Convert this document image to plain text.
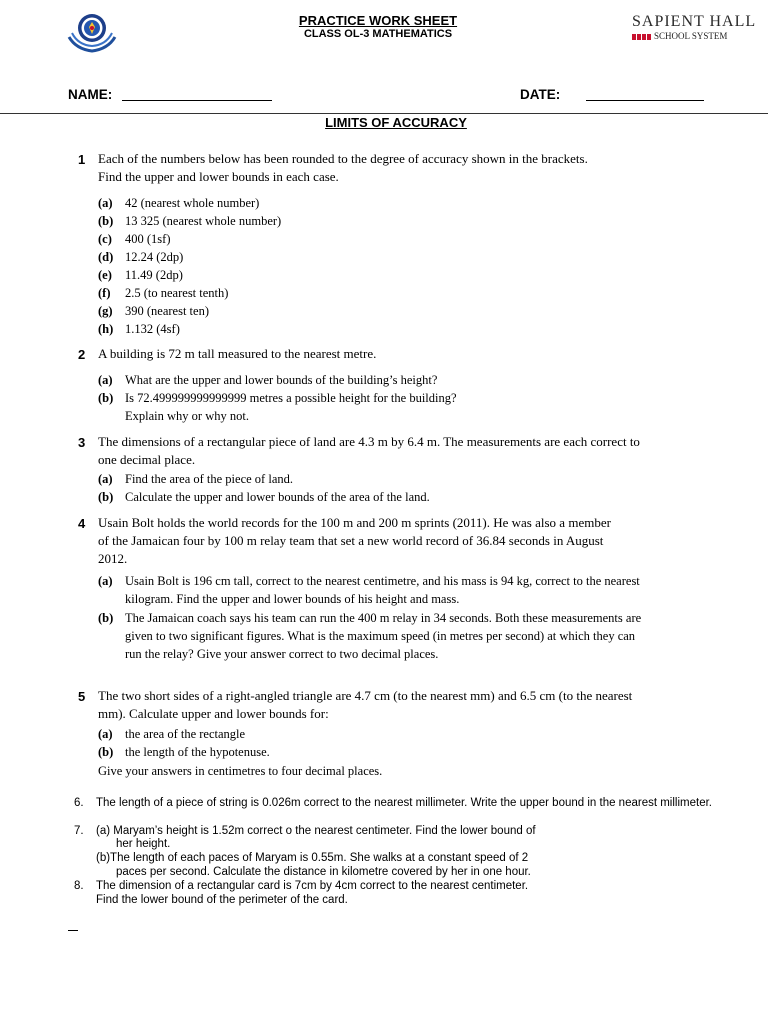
PRACTICE WORK SHEET
CLASS OL-3 MATHEMATICS
SAPIENT HALL
SCHOOL SYSTEM
NAME:	DATE:
LIMITS OF ACCURACY
1 Each of the numbers below has been rounded to the degree of accuracy shown in the brackets. Find the upper and lower bounds in each case.
(a) 42 (nearest whole number)
(b) 13 325 (nearest whole number)
(c) 400 (1sf)
(d) 12.24 (2dp)
(e) 11.49 (2dp)
(f) 2.5 (to nearest tenth)
(g) 390 (nearest ten)
(h) 1.132 (4sf)
2 A building is 72 m tall measured to the nearest metre.
(a) What are the upper and lower bounds of the building’s height?
(b) Is 72.499999999999999 metres a possible height for the building?
Explain why or why not.
3 The dimensions of a rectangular piece of land are 4.3 m by 6.4 m. The measurements are each correct to one decimal place.
(a) Find the area of the piece of land.
(b) Calculate the upper and lower bounds of the area of the land.
4 Usain Bolt holds the world records for the 100 m and 200 m sprints (2011). He was also a member of the Jamaican four by 100 m relay team that set a new world record of 36.84 seconds in August 2012.
(a) Usain Bolt is 196 cm tall, correct to the nearest centimetre, and his mass is 94 kg, correct to the nearest kilogram. Find the upper and lower bounds of his height and mass.
(b) The Jamaican coach says his team can run the 400 m relay in 34 seconds. Both these measurements are given to two significant figures. What is the maximum speed (in metres per second) at which they can run the relay? Give your answer correct to two decimal places.
5 The two short sides of a right-angled triangle are 4.7 cm (to the nearest mm) and 6.5 cm (to the nearest mm). Calculate upper and lower bounds for:
(a) the area of the rectangle
(b) the length of the hypotenuse.
Give your answers in centimetres to four decimal places.
6. The length of a piece of string is 0.026m correct to the nearest millimeter. Write the upper bound in the nearest millimeter.
7. (a) Maryam’s height is 1.52m correct o the nearest centimeter. Find the lower bound of
her height.
(b)The length of each paces of Maryam is 0.55m. She walks at a constant speed of 2
paces per second. Calculate the distance in kilometre covered by her in one hour.
8. The dimension of a rectangular card is 7cm by 4cm correct to the nearest centimeter.
Find the lower bound of the perimeter of the card.
